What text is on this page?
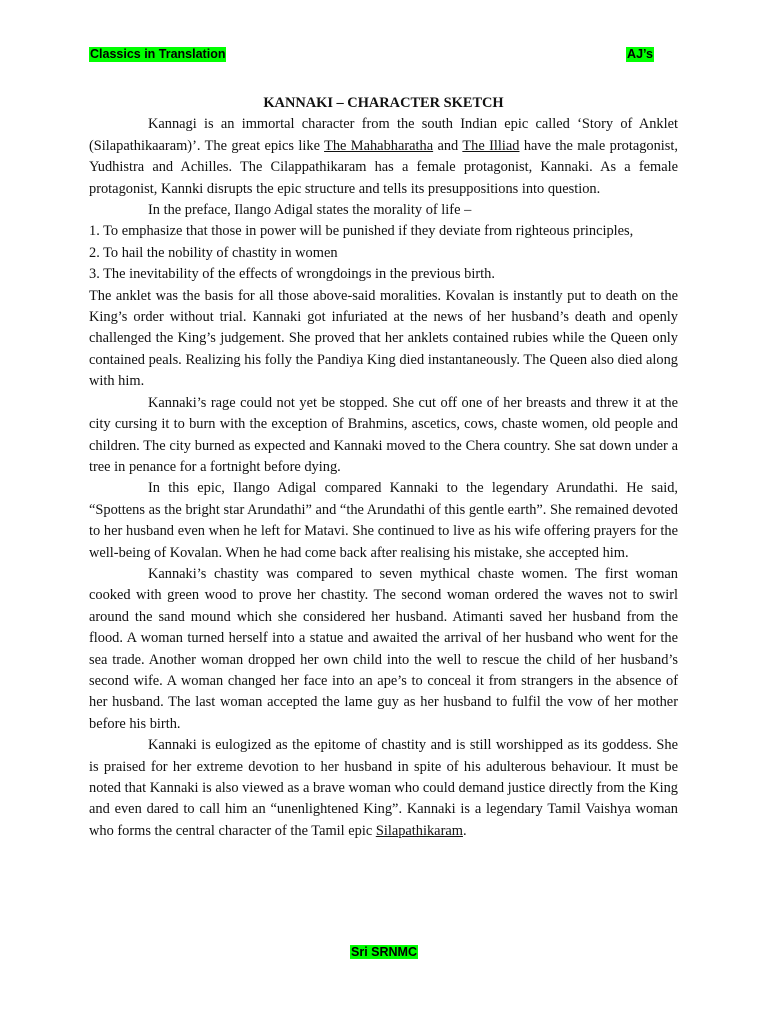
Classics in Translation	AJ’s

KANNAKI – CHARACTER SKETCH

Kannagi is an immortal character from the south Indian epic called ‘Story of Anklet (Silapathikaaram)’. The great epics like The Mahabharatha and The Illiad have the male protagonist, Yudhistra and Achilles. The Cilappathikaram has a female protagonist, Kannaki. As a female protagonist, Kannki disrupts the epic structure and tells its presuppositions into question.

In the preface, Ilango Adigal states the morality of life –

1. To emphasize that those in power will be punished if they deviate from righteous principles,

2. To hail the nobility of chastity in women

3. The inevitability of the effects of wrongdoings in the previous birth.

The anklet was the basis for all those above-said moralities. Kovalan is instantly put to death on the King’s order without trial. Kannaki got infuriated at the news of her husband’s death and openly challenged the King’s judgement. She proved that her anklets contained rubies while the Queen only contained peals. Realizing his folly the Pandiya King died instantaneously. The Queen also died along with him.

Kannaki’s rage could not yet be stopped. She cut off one of her breasts and threw it at the city cursing it to burn with the exception of Brahmins, ascetics, cows, chaste women, old people and children. The city burned as expected and Kannaki moved to the Chera country. She sat down under a tree in penance for a fortnight before dying.

In this epic, Ilango Adigal compared Kannaki to the legendary Arundathi. He said, “Spottens as the bright star Arundathi” and “the Arundathi of this gentle earth”. She remained devoted to her husband even when he left for Matavi. She continued to live as his wife offering prayers for the well-being of Kovalan. When he had come back after realising his mistake, she accepted him.

Kannaki’s chastity was compared to seven mythical chaste women. The first woman cooked with green wood to prove her chastity. The second woman ordered the waves not to swirl around the sand mound which she considered her husband. Atimanti saved her husband from the flood. A woman turned herself into a statue and awaited the arrival of her husband who went for the sea trade. Another woman dropped her own child into the well to rescue the child of her husband’s second wife. A woman changed her face into an ape’s to conceal it from strangers in the absence of her husband. The last woman accepted the lame guy as her husband to fulfil the vow of her mother before his birth.

Kannaki is eulogized as the epitome of chastity and is still worshipped as its goddess. She is praised for her extreme devotion to her husband in spite of his adulterous behaviour. It must be noted that Kannaki is also viewed as a brave woman who could demand justice directly from the King and even dared to call him an “unenlightened King”. Kannaki is a legendary Tamil Vaishya woman who forms the central character of the Tamil epic Silapathikaram.

Sri SRNMC
